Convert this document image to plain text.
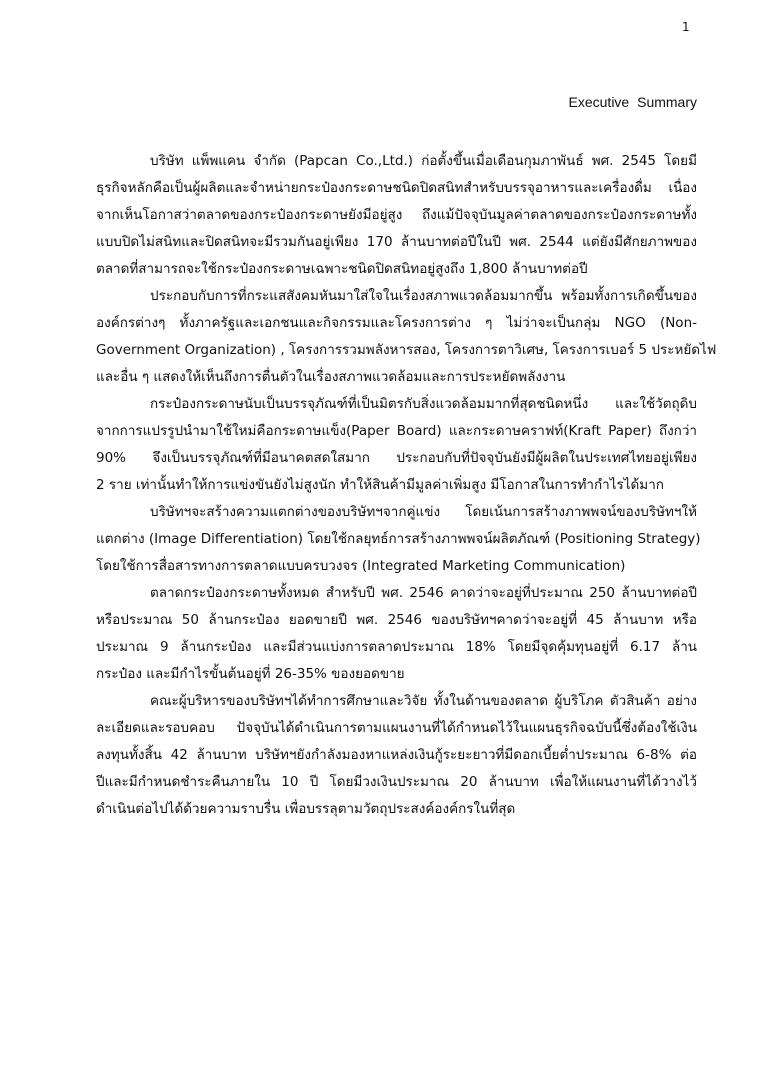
1
Executive Summary
บริษัท แพ็พแคน จำกัด (Papcan Co.,Ltd.) ก่อตั้งขึ้นเมื่อเดือนกุมภาพันธ์ พศ. 2545 โดยมี
ธุรกิจหลักคือเป็นผู้ผลิตและจำหน่ายกระป๋องกระดาษชนิดปิดสนิทสำหรับบรรจุอาหารและเครื่องดื่ม เนื่อง
จากเห็นโอกาสว่าตลาดของกระป๋องกระดาษยังมีอยู่สูง ถึงแม้ปัจจุบันมูลค่าตลาดของกระป๋องกระดาษทั้ง
แบบปิดไม่สนิทและปิดสนิทจะมีรวมกันอยู่เพียง 170 ล้านบาทต่อปีในปี พศ. 2544 แต่ยังมีศักยภาพของ
ตลาดที่สามารถจะใช้กระป๋องกระดาษเฉพาะชนิดปิดสนิทอยู่สูงถึง 1,800 ล้านบาทต่อปี
ประกอบกับการที่กระแสสังคมหันมาใส่ใจในเรื่องสภาพแวดล้อมมากขึ้น พร้อมทั้งการเกิดขึ้นของ
องค์กรต่างๆ ทั้งภาครัฐและเอกชนและกิจกรรมและโครงการต่าง ๆ ไม่ว่าจะเป็นกลุ่ม NGO (Non-
Government Organization) , โครงการรวมพลังหารสอง, โครงการตาวิเศษ, โครงการเบอร์ 5 ประหยัดไฟ
และอื่น ๆ แสดงให้เห็นถึงการตื่นตัวในเรื่องสภาพแวดล้อมและการประหยัดพลังงาน
กระป๋องกระดาษนับเป็นบรรจุภัณฑ์ที่เป็นมิตรกับสิ่งแวดล้อมมากที่สุดชนิดหนึ่ง และใช้วัตถุดิบ
จากการแปรรูปนำมาใช้ใหม่คือกระดาษแข็ง(Paper Board) และกระดาษคราฟท์(Kraft Paper) ถึงกว่า
90% จึงเป็นบรรจุภัณฑ์ที่มีอนาคตสดใสมาก ประกอบกับที่ปัจจุบันยังมีผู้ผลิตในประเทศไทยอยู่เพียง
2 ราย เท่านั้นทำให้การแข่งขันยังไม่สูงนัก ทำให้สินค้ามีมูลค่าเพิ่มสูง มีโอกาสในการทำกำไรได้มาก
บริษัทฯจะสร้างความแตกต่างของบริษัทฯจากคู่แข่ง โดยเน้นการสร้างภาพพจน์ของบริษัทฯให้
แตกต่าง (Image Differentiation) โดยใช้กลยุทธ์การสร้างภาพพจน์ผลิตภัณฑ์ (Positioning Strategy)
โดยใช้การสื่อสารทางการตลาดแบบครบวงจร (Integrated Marketing Communication)
ตลาดกระป๋องกระดาษทั้งหมด สำหรับปี พศ. 2546 คาดว่าจะอยู่ที่ประมาณ 250 ล้านบาทต่อปี
หรือประมาณ 50 ล้านกระป๋อง ยอดขายปี พศ. 2546 ของบริษัทฯคาดว่าจะอยู่ที่ 45 ล้านบาท หรือ
ประมาณ 9 ล้านกระป๋อง และมีส่วนแบ่งการตลาดประมาณ 18% โดยมีจุดคุ้มทุนอยู่ที่ 6.17 ล้าน
กระป๋อง และมีกำไรขั้นต้นอยู่ที่ 26-35% ของยอดขาย
คณะผู้บริหารของบริษัทฯได้ทำการศึกษาและวิจัย ทั้งในด้านของตลาด ผู้บริโภค ตัวสินค้า อย่าง
ละเอียดและรอบคอบ ปัจจุบันได้ดำเนินการตามแผนงานที่ได้กำหนดไว้ในแผนธุรกิจฉบับนี้ซึ่งต้องใช้เงิน
ลงทุนทั้งสิ้น 42 ล้านบาท บริษัทฯยังกำลังมองหาแหล่งเงินกู้ระยะยาวที่มีดอกเบี้ยต่ำประมาณ 6-8% ต่อ
ปีและมีกำหนดชำระคืนภายใน 10 ปี โดยมีวงเงินประมาณ 20 ล้านบาท เพื่อให้แผนงานที่ได้วางไว้
ดำเนินต่อไปได้ด้วยความราบรื่น เพื่อบรรลุตามวัตถุประสงค์องค์กรในที่สุด
